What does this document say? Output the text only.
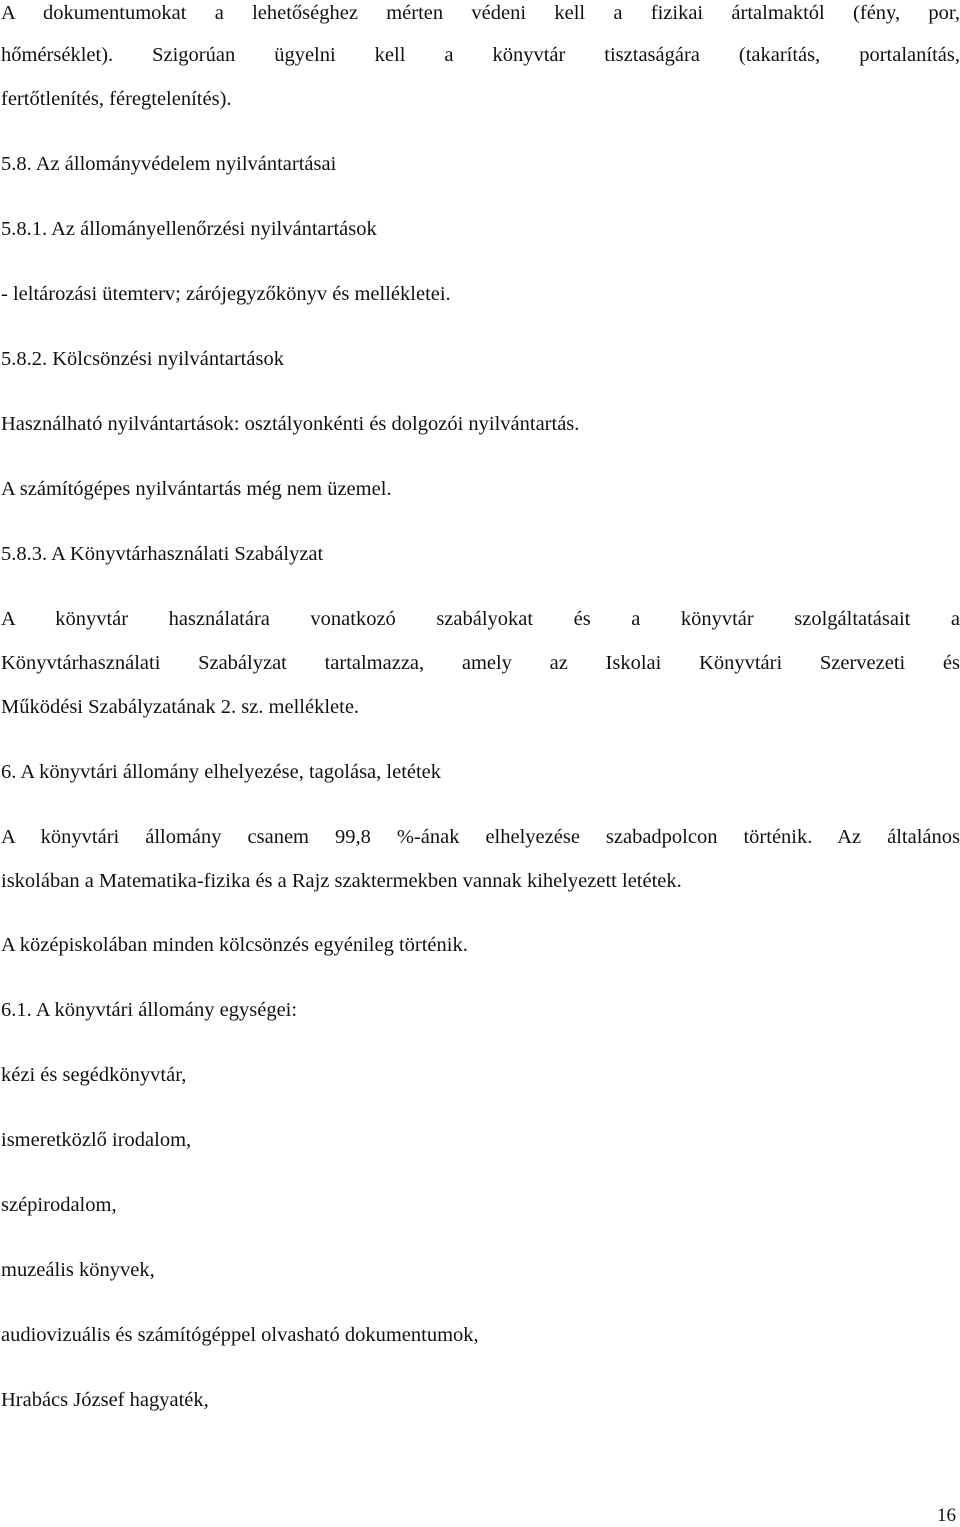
A dokumentumokat a lehetőséghez mérten védeni kell a fizikai ártalmaktól (fény, por,

hőmérséklet). Szigorúan ügyelni kell a könyvtár tisztaságára (takarítás, portalanítás,

fertőtlenítés, féregtelenítés).

5.8. Az állományvédelem nyilvántartásai

5.8.1. Az állományellenőrzési nyilvántartások

- leltározási ütemterv; zárójegyzőkönyv és mellékletei.

5.8.2. Kölcsönzési nyilvántartások

Használható nyilvántartások: osztályonkénti és dolgozói nyilvántartás.

A számítógépes nyilvántartás még nem üzemel.

5.8.3. A Könyvtárhasználati Szabályzat

A könyvtár használatára vonatkozó szabályokat és a könyvtár szolgáltatásait a

Könyvtárhasználati Szabályzat tartalmazza, amely az Iskolai Könyvtári Szervezeti és

Működési Szabályzatának 2. sz. melléklete.

6. A könyvtári állomány elhelyezése, tagolása, letétek

A könyvtári állomány csanem 99,8 %-ának elhelyezése szabadpolcon történik. Az általános

iskolában a Matematika-fizika és a Rajz szaktermekben vannak kihelyezett letétek.

A középiskolában minden kölcsönzés egyénileg történik.

6.1. A könyvtári állomány egységei:

kézi és segédkönyvtár,

ismeretközlő irodalom,

szépirodalom,

muzeális könyvek,

audiovizuális és számítógéppel olvasható dokumentumok,

Hrabács József hagyaték,

16
